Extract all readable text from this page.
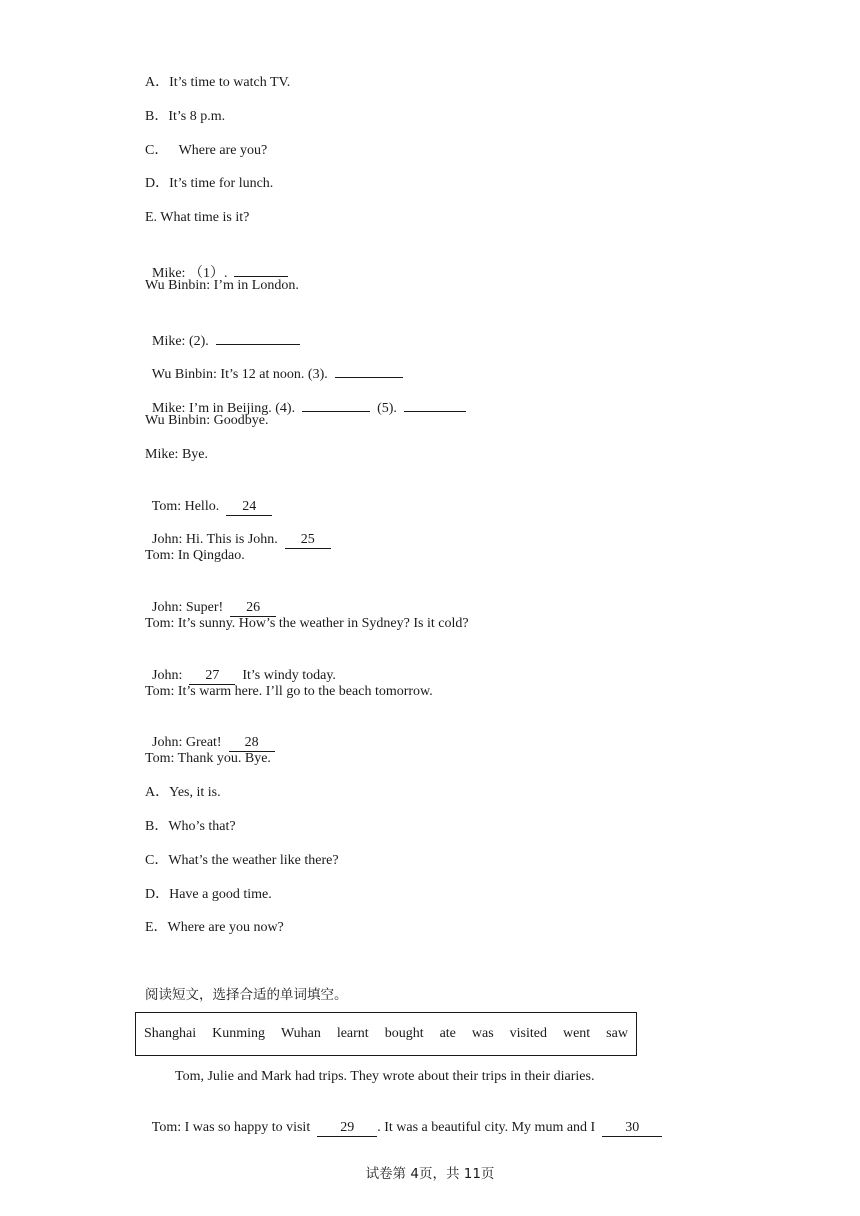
A．It’s time to watch TV.
B．It’s 8 p.m.
C．   Where are you?
D．It’s time for lunch.
E. What time is it?

Mike: （1）.

Wu Binbin: I’m in London.

Mike: (2).

Wu Binbin: It’s 12 at noon. (3).

Mike: I’m in Beijing. (4).	(5).

Wu Binbin: Goodbye.
Mike: Bye.

Tom: Hello. 24

John: Hi. This is John. 25

Tom: In Qingdao.

John: Super! 26

Tom: It’s sunny. How’s the weather in Sydney? Is it cold?

John: 27 It’s windy today.

Tom: It’s warm here. I’ll go to the beach tomorrow.

John: Great! 28

Tom: Thank you. Bye.
A．Yes, it is.
B．Who’s that?
C．What’s the weather like there?
D．Have a good time.
E．Where are you now?
阅读短文，选择合适的单词填空。
Shanghai Kunming Wuhan learnt bought ate was visited went saw
Tom, Julie and Mark had trips. They wrote about their trips in their diaries.

Tom: I was so happy to visit 29 . It was a beautiful city. My mum and I 30

试卷第 4页，共 11页
